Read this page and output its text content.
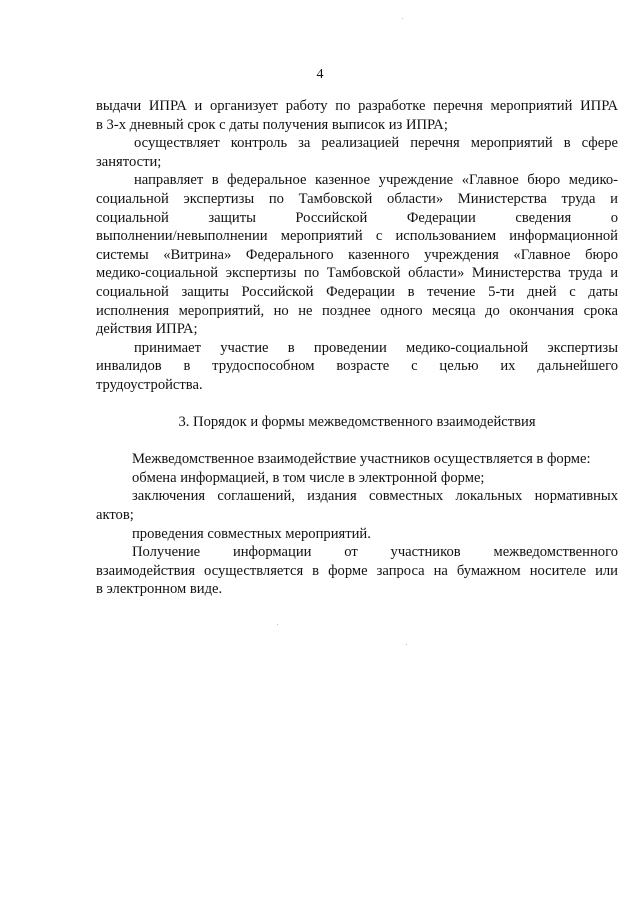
4
выдачи ИПРА и организует работу по разработке перечня мероприятий ИПРА
в 3-х дневный срок с даты получения выписок из ИПРА;
осуществляет контроль за реализацией перечня мероприятий в сфере
занятости;
направляет в федеральное казенное учреждение «Главное бюро медико-
социальной экспертизы по Тамбовской области» Министерства труда и
социальной защиты Российской Федерации сведения о
выполнении/невыполнении мероприятий с использованием информационной
системы «Витрина» Федерального казенного учреждения «Главное бюро
медико-социальной экспертизы по Тамбовской области» Министерства труда и
социальной защиты Российской Федерации в течение 5-ти дней с даты
исполнения мероприятий, но не позднее одного месяца до окончания срока
действия ИПРА;
принимает участие в проведении медико-социальной экспертизы
инвалидов в трудоспособном возрасте с целью их дальнейшего
трудоустройства.
3. Порядок и формы межведомственного взаимодействия
Межведомственное взаимодействие участников осуществляется в форме:
обмена информацией, в том числе в электронной форме;
заключения соглашений, издания совместных локальных нормативных
актов;
проведения совместных мероприятий.
Получение информации от участников межведомственного
взаимодействия осуществляется в форме запроса на бумажном носителе или
в электронном виде.
